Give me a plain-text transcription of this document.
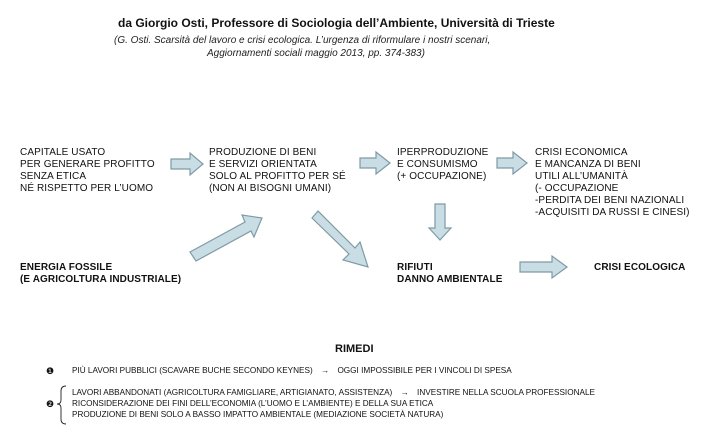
da Giorgio Osti, Professore di Sociologia dell’Ambiente, Università di Trieste
(G. Osti. Scarsità del lavoro e crisi ecologica. L’urgenza di riformulare i nostri scenari,
Aggiornamenti sociali maggio 2013, pp. 374-383)
CAPITALE USATO
PER GENERARE PROFITTO
SENZA ETICA
NÉ RISPETTO PER L’UOMO
PRODUZIONE DI BENI
E SERVIZI ORIENTATA
SOLO AL PROFITTO PER SÉ
(NON AI BISOGNI UMANI)
IPERPRODUZIONE
E CONSUMISMO
(+ OCCUPAZIONE)
CRISI ECONOMICA
E MANCANZA DI BENI
UTILI ALL’UMANITÀ
(- OCCUPAZIONE
-PERDITA DEI BENI NAZIONALI
-ACQUISITI DA RUSSI E CINESI)
ENERGIA FOSSILE
(E AGRICOLTURA INDUSTRIALE)
RIFIUTI
DANNO AMBIENTALE
CRISI ECOLOGICA
RIMEDI
❶ PIÙ LAVORI PUBBLICI (SCAVARE BUCHE SECONDO KEYNES) → OGGI IMPOSSIBILE PER I VINCOLI DI SPESA
❷
LAVORI ABBANDONATI (AGRICOLTURA FAMIGLIARE, ARTIGIANATO, ASSISTENZA) → INVESTIRE NELLA SCUOLA PROFESSIONALE
RICONSIDERAZIONE DEI FINI DELL’ECONOMIA (L’UOMO E L’AMBIENTE) E DELLA SUA ETICA
PRODUZIONE DI BENI SOLO A BASSO IMPATTO AMBIENTALE (MEDIAZIONE SOCIETÀ NATURA)
